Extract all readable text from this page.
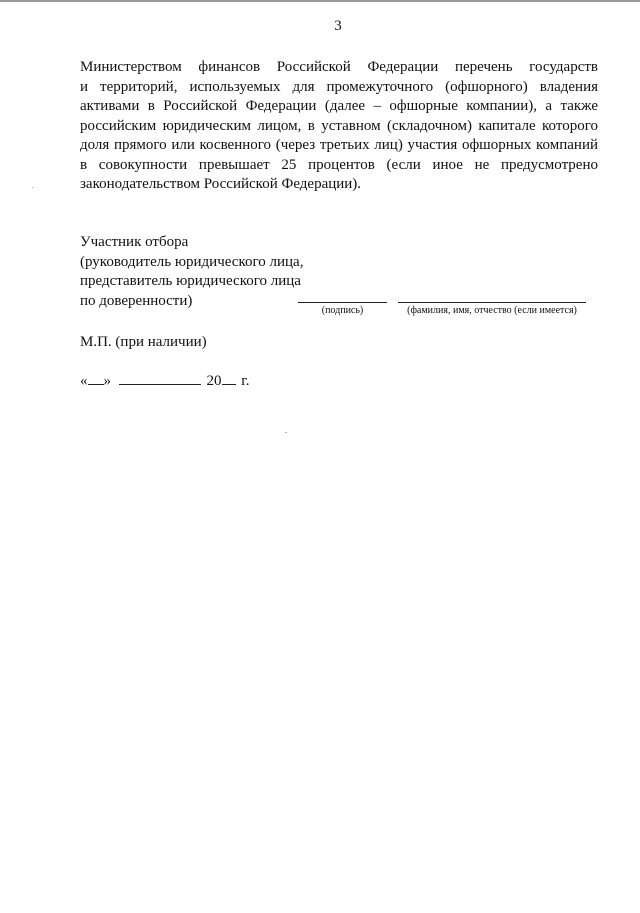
3
Министерством финансов Российской Федерации перечень государств
и территорий, используемых для промежуточного (офшорного) владения
активами в Российской Федерации (далее – офшорные компании), а также
российским юридическим лицом, в уставном (складочном) капитале которого
доля прямого или косвенного (через третьих лиц) участия офшорных компаний
в совокупности превышает 25 процентов (если иное не предусмотрено
законодательством Российской Федерации).
Участник отбора
(руководитель юридического лица,
представитель юридического лица
по доверенности)
(подпись)	(фамилия, имя, отчество (если имеется)
М.П. (при наличии)
« »	20 г.
